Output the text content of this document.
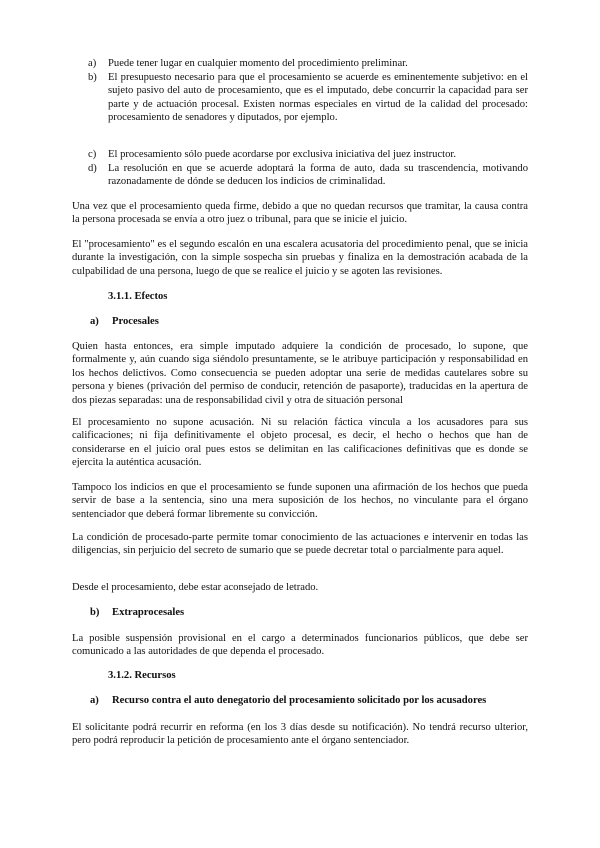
a) Puede tener lugar en cualquier momento del procedimiento preliminar.
b) El presupuesto necesario para que el procesamiento se acuerde es eminentemente subjetivo: en el sujeto pasivo del auto de procesamiento, que es el imputado, debe concurrir la capacidad para ser parte y de actuación procesal. Existen normas especiales en virtud de la calidad del procesado: procesamiento de senadores y diputados, por ejemplo.
c) El procesamiento sólo puede acordarse por exclusiva iniciativa del juez instructor.
d) La resolución en que se acuerde adoptará la forma de auto, dada su trascendencia, motivando razonadamente de dónde se deducen los indicios de criminalidad.
Una vez que el procesamiento queda firme, debido a que no quedan recursos que tramitar, la causa contra la persona procesada se envía a otro juez o tribunal, para que se inicie el juicio.
El "procesamiento" es el segundo escalón en una escalera acusatoria del procedimiento penal, que se inicia durante la investigación, con la simple sospecha sin pruebas y finaliza en la demostración acabada de la culpabilidad de una persona, luego de que se realice el juicio y se agoten las revisiones.
3.1.1. Efectos
a) Procesales
Quien hasta entonces, era simple imputado adquiere la condición de procesado, lo supone, que formalmente y, aún cuando siga siéndolo presuntamente, se le atribuye participación y responsabilidad en los hechos delictivos. Como consecuencia se pueden adoptar una serie de medidas cautelares sobre su persona y bienes (privación del permiso de conducir, retención de pasaporte), traducidas en la apertura de dos piezas separadas: una de responsabilidad civil y otra de situación personal
El procesamiento no supone acusación. Ni su relación fáctica vincula a los acusadores para sus calificaciones; ni fija definitivamente el objeto procesal, es decir, el hecho o hechos que han de considerarse en el juicio oral pues estos se delimitan en las calificaciones definitivas que es donde se ejercita la auténtica acusación.
Tampoco los indicios en que el procesamiento se funde suponen una afirmación de los hechos que pueda servir de base a la sentencia, sino una mera suposición de los hechos, no vinculante para el órgano sentenciador que deberá formar libremente su convicción.
La condición de procesado-parte permite tomar conocimiento de las actuaciones e intervenir en todas las diligencias, sin perjuicio del secreto de sumario que se puede decretar total o parcialmente para aquel.
Desde el procesamiento, debe estar aconsejado de letrado.
b) Extraprocesales
La posible suspensión provisional en el cargo a determinados funcionarios públicos, que debe ser comunicado a las autoridades de que dependa el procesado.
3.1.2. Recursos
a) Recurso contra el auto denegatorio del procesamiento solicitado por los acusadores
El solicitante podrá recurrir en reforma (en los 3 días desde su notificación). No tendrá recurso ulterior, pero podrá reproducir la petición de procesamiento ante el órgano sentenciador.
